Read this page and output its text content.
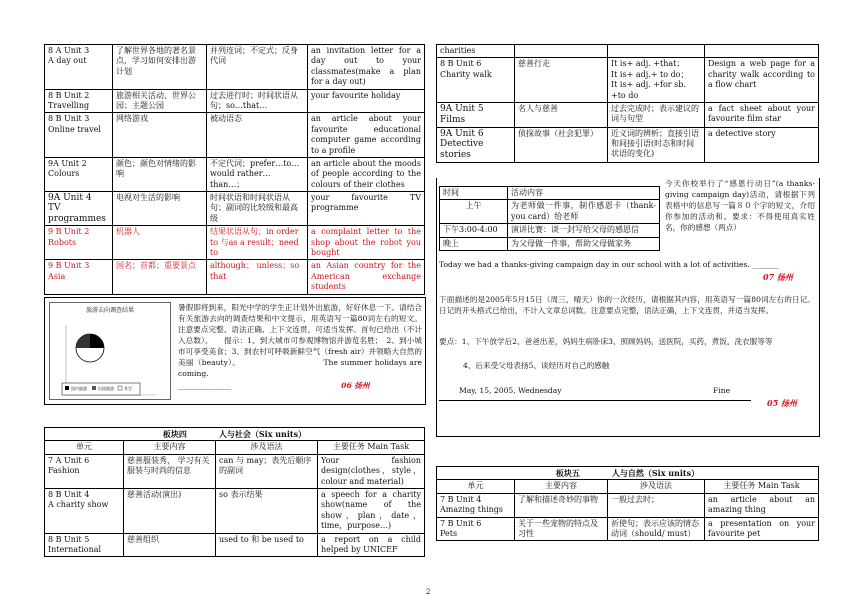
8 A Unit 3
A day out	了解世界各地的著名景点，学习如何安排出游计划	并列连词；不定式；反身代词	an invitation letter for a day out to your classmates(make a plan for a day out)
8 B Unit 2
Travelling	旅游相关活动、世界公园；主题公园	过去进行时；时间状语从句；so…that…	your favourite holiday
8 B Unit 3
Online travel	网络游戏	被动语态	an article about your favourite educational computer game according to a profile
9A Unit 2
Colours	颜色；颜色对情绪的影响	不定代词；prefer…to…would rather…than…；	an article about the moods of people according to the colours of their clothes
9A Unit 4
TV programmes	电视对生活的影响	时间状语和时间状语从句；副词的比较级和最高级	your favourite TV programme
9 B Unit 2
Robots	机器人	结果状语从句；in order to 与as a result；need to	a complaint letter to the shop about the robot you bought
9 B Unit 3 Asia	国名；首都；重要景点	although； unless；so that	an Asian country for the American exchange students
旅游去向调查结果
国内旅游	出国旅游	其它
暑假即将到来，阳光中学的学生正计划外出旅游，好好休息一下。请结合有关旅游去向的调查结果和中文提示，用英语写一篇80词左右的短文。注意要点完整、语法正确、上下文连贯，可适当发挥。首句已给出（不计入总数）。　　提示：1、到大城市可参观博物馆并游览名胜；　2、到小城市可享受美食；3、到农村可呼吸新鲜空气（fresh air）并领略大自然的美丽（beauty）。　　　　　　　　　　　The summer holidays are coming.
______________	06 扬州
板块四　　　　人与社会（Six units）			
单元	主要内容	涉及语法	主要任务 Main Task
7 A Unit 6
Fashion	慈善服装秀， 学习有关服装与时尚的信息	can 与 may；表先后顺序的副词	Your fashion design(clothes，style，colour and material)
8 B Unit 4
A charity show	慈善活动(演出)	so 表示结果	a speech for a charity show(name of the show，plan，date，time，purpose…)
8 B Unit 5
International	慈善组织	used to 和 be used to	a report on a child helped by UNICEF
charities			
8 B Unit 6
Charity walk	慈善行走	It is+ adj. +that；
It is+ adj.+ to do；
It is+ adj. +for sb．+to do	Design a web page for a charity walk according to a flow chart
9A Unit 5
Films	名人与慈善	过去完成时；表示建议的词与句型	a fact sheet about your favourite film star
9A Unit 6
Detective stories	侦探故事（社会犯罪）	近义词的辨析；直接引语和间接引语(时态和时间状语的变化)	a detective story
时间	活动内容
上午	为老师做一件事，制作感恩卡（thank-you card）给老师
下午3:00-4:00	演讲比赛：谈一封写给父母的感恩信
晚上	为父母做一件事，帮助父母做家务
今天你校举行了“感恩行动日”(a thanks-giving campaign day)活动，请根据下列表格中的信息写一篇８０个字的短文，介绍你参加的活动和。要求：不得使用真实姓名，你的感想（两点）
Today we had a thanks-giving campaign day in our school with a lot of activities. _______
07 扬州
下面描述的是2005年5月15日（周三，晴天）你的一次经历，请根据其内容，用英语写一篇80词左右的日记。日记的开头格式已给出，不计入文章总词数。注意要点完整，语法正确，上下文连贯，并适当发挥。
要点：1、下午放学后2、爸爸出差，妈妈生病卧床3、照顾妈妈，送医院，买药，煮饭，洗衣服等等
4、后来受父母表扬5、谈经历对自己的感触
May, 15, 2005, Wednesday	Fine
05 扬州
板块五　　　　人与自然（Six units）			
单元	主要内容	涉及语法	主要任务 Main Task
7 B Unit 4
Amazing things	了解和描述奇妙的事物	一般过去时；	an article about an amazing thing
7 B Unit 6
Pets	关于一些宠物的特点及习性	祈使句；表示应该的情态动词（should/ must）	a presentation on your favourite pet
2
